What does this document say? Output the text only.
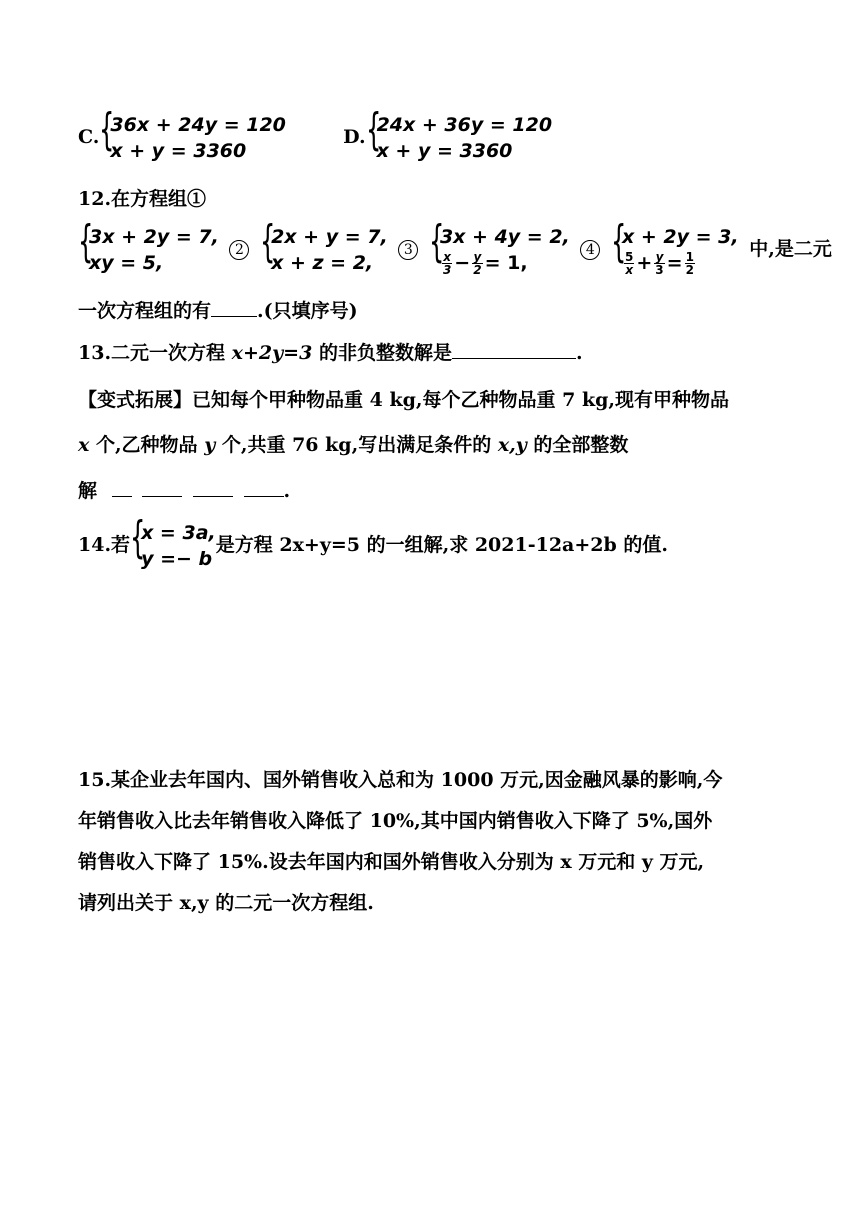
C. {
36x + 24y = 120
x + y = 3360
D. {
24x + 36y = 120
x + y = 3360
12.在方程组①
{
3x + 2y = 7,
xy = 5,
2 {
2x + y = 7,
x + z = 2,
3 {
3x + 4y = 2,
$\frac{x}{3} - \frac{y}{2} = 1$,
4 {
x + 2y = 3,
$\frac{5}{x} + \frac{y}{3} = \frac{1}{2}$
中,是二元
一次方程组的有 .(只填序号)
13.二元一次方程 x+2y=3 的非负整数解是	.
【变式拓展】已知每个甲种物品重 4 kg,每个乙种物品重 7 kg,现有甲种物品
x 个,乙种物品 y 个,共重 76 kg,写出满足条件的 x,y 的全部整数
解	.
14.若 {
x = 3a,
y =− b
是方程 2x+y=5 的一组解,求 2021-12a+2b 的值.
15.某企业去年国内、国外销售收入总和为 1000 万元,因金融风暴的影响,今
年销售收入比去年销售收入降低了 10%,其中国内销售收入下降了 5%,国外
销售收入下降了 15%.设去年国内和国外销售收入分别为 x 万元和 y 万元,
请列出关于 x,y 的二元一次方程组.
